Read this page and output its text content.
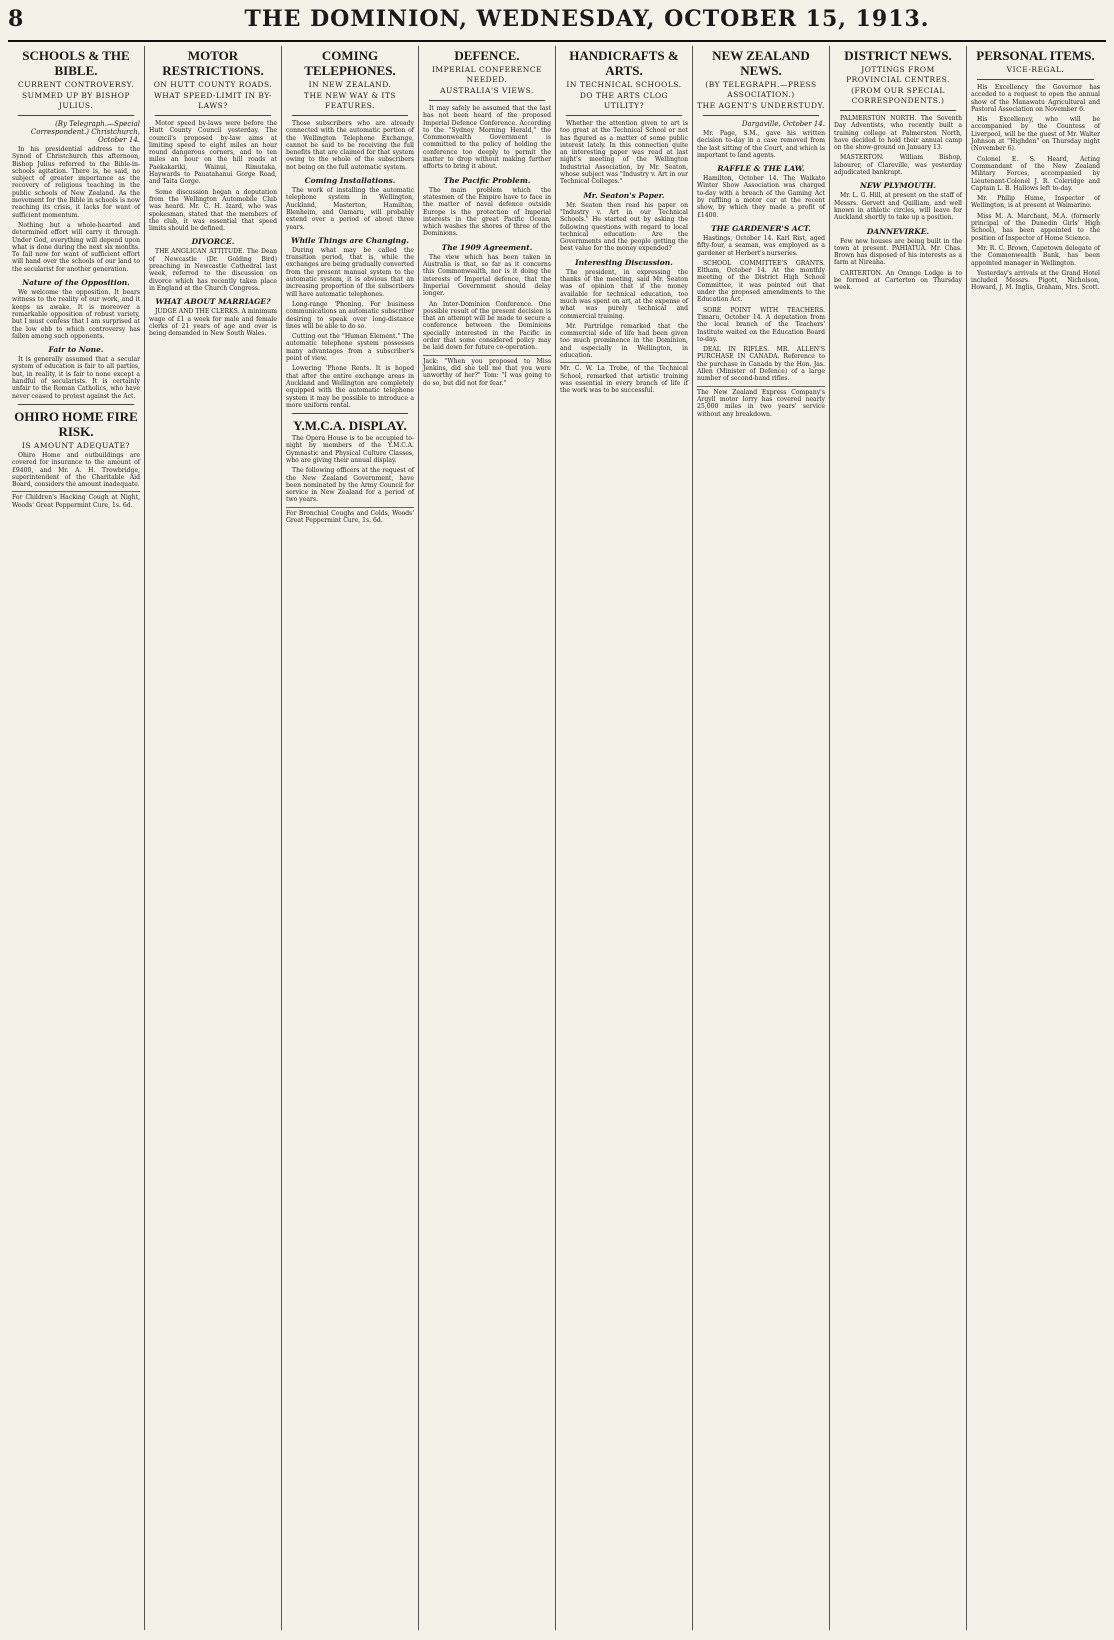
8	THE DOMINION, WEDNESDAY, OCTOBER 15, 1913.
SCHOOLS & THE BIBLE.
CURRENT CONTROVERSY.
SUMMED UP BY BISHOP JULIUS.
(By Telegraph.—Special Correspondent.) Christchurch, October 14.

In his presidential address to the Synod of Christchurch this afternoon, Bishop Julius referred to the Bible-in-schools agitation. There is, he said, no subject of greater importance as the recovery of religious teaching in the public schools of New Zealand. As the movement for the Bible in schools is now reaching its crisis, it lacks for want of sufficient momentum.

Nothing but a whole-hearted and determined effort will carry it through. Under God, everything will depend upon what is done during the next six months. To fail now for want of sufficient effort will hand over the schools of our land to the secularist for another generation.

Nature of the Opposition.

We welcome the opposition. It bears witness to the reality of our work, and it keeps us awake. It is moreover a remarkable opposition of robust variety, but I must confess that I am surprised at the low ebb to which controversy has fallen among such opponents.

Fair to None.

It is generally assumed that a secular system of education is fair to all parties, but, in reality, it is fair to none except a handful of secularists. It is certainly unfair to the Roman Catholics, who have never ceased to protest against the Act.

OHIRO HOME FIRE RISK.
IS AMOUNT ADEQUATE?

Ohiro Home and outbuildings are covered for insurance to the amount of £9400, and Mr. A. H. Trowbridge, superintendent of the Charitable Aid Board, considers the amount inadequate.

For Children's Hacking Cough at Night, Woods' Great Peppermint Cure, 1s. 6d.
MOTOR RESTRICTIONS.
ON HUTT COUNTY ROADS.
WHAT SPEED-LIMIT IN BY-LAWS?

Motor speed by-laws were before the Hutt County Council yesterday. The council's proposed by-law aims at limiting speed to eight miles an hour round dangerous corners, and to ten miles an hour on the hill roads at Paekakariki, Wainui, Rimutaka, Haywards to Pauatahanui Gorge Road, and Taita Gorge.

Some discussion began a deputation from the Wellington Automobile Club was heard. Mr. C. H. Izard, who was spokesman, stated that the members of the club, it was essential that speed limits should be defined.

DIVORCE.

THE ANGLICAN ATTITUDE. The Dean of Newcastle (Dr. Golding Bird) preaching in Newcastle Cathedral last week, referred to the discussion on divorce which has recently taken place in England at the Church Congress.

WHAT ABOUT MARRIAGE?

JUDGE AND THE CLERKS. A minimum wage of £1 a week for male and female clerks of 21 years of age and over is being demanded in New South Wales.

COMING TELEPHONES.
IN NEW ZEALAND.
THE NEW WAY & ITS FEATURES.

Those subscribers who are already connected with the automatic portion of the Wellington Telephone Exchange, cannot be said to be receiving the full benefits that are claimed for that system owing to the whole of the subscribers not being on the full automatic system.

Coming Installations.

The work of installing the automatic telephone system in Wellington, Auckland, Masterton, Hamilton, Blenheim, and Oamaru, will probably extend over a period of about three years.

While Things are Changing.

During what may be called the transition period, that is, while the exchanges are being gradually converted from the present manual system to the automatic system, it is obvious that an increasing proportion of the subscribers will have automatic telephones.

Long-range 'Phoning. For business communications an automatic subscriber desiring to speak over long-distance lines will be able to do so.

Cutting out the "Human Element." The automatic telephone system possesses many advantages from a subscriber's point of view.

Lowering 'Phone Rents. It is hoped that after the entire exchange areas in Auckland and Wellington are completely equipped with the automatic telephone system it may be possible to introduce a more uniform rental.

Y.M.C.A. DISPLAY.

The Opera House is to be occupied to-night by members of the Y.M.C.A. Gymnastic and Physical Culture Classes, who are giving their annual display.

The following officers at the request of the New Zealand Government, have been nominated by the Army Council for service in New Zealand for a period of two years.

For Bronchial Coughs and Colds, Woods' Great Peppermint Cure, 1s. 6d.
DEFENCE.
IMPERIAL CONFERENCE NEEDED.
AUSTRALIA'S VIEWS.

It may safely be assumed that the last has not been heard of the proposed Imperial Defence Conference. According to the "Sydney Morning Herald," the Commonwealth Government is committed to the policy of holding the conference too deeply to permit the matter to drop without making further efforts to bring it about.

The Pacific Problem.

The main problem which the statesmen of the Empire have to face in the matter of naval defence outside Europe is the protection of Imperial interests in the great Pacific Ocean, which washes the shores of three of the Dominions.

The 1909 Agreement.

The view which has been taken in Australia is that, so far as it concerns this Commonwealth, nor is it doing the interests of Imperial defence, that the Imperial Government should delay longer.

An Inter-Dominion Conference. One possible result of the present decision is that an attempt will be made to secure a conference between the Dominions specially interested in the Pacific in order that some considered policy may be laid down for future co-operation.

Jack: "When you proposed to Miss Jenkins, did she tell me that you were unworthy of her?" Tom: "I was going to do so, but did not for fear."
HANDICRAFTS & ARTS.
IN TECHNICAL SCHOOLS.
DO THE ARTS CLOG UTILITY?

Whether the attention given to art is too great at the Technical School or not has figured as a matter of some public interest lately. In this connection quite an interesting paper was read at last night's meeting of the Wellington Industrial Association, by Mr. Seaton, whose subject was "Industry v. Art in our Technical Colleges."

Mr. Seaton's Paper.

Mr. Seaton then read his paper on "Industry v. Art in our Technical Schools." He started out by asking the following questions with regard to local technical education: Are the Governments and the people getting the best value for the money expended?

Interesting Discussion.

The president, in expressing the thanks of the meeting, said Mr. Seaton was of opinion that if the money available for technical education, too much was spent on art, at the expense of what was purely technical and commercial training.

Mr. Partridge remarked that the commercial side of life had been given too much prominence in the Dominion, and especially in Wellington, in education.

Mr. C. W. La Trobe, of the Technical School, remarked that artistic training was essential in every branch of life if the work was to be successful.
NEW ZEALAND NEWS.
(BY TELEGRAPH.—PRESS ASSOCIATION.)
THE AGENT'S UNDERSTUDY.
Dargaville, October 14.

Mr. Page, S.M., gave his written decision to-day in a case removed from the last sitting of the Court, and which is important to land agents.

RAFFLE & THE LAW.

Hamilton, October 14. The Waikato Winter Show Association was charged to-day with a breach of the Gaming Act by raffling a motor car at the recent show, by which they made a profit of £1400.

THE GARDENER'S ACT.

Hastings, October 14. Karl Rist, aged fifty-four, a seaman, was employed as a gardener at Herbert's nurseries.

SCHOOL COMMITTEE'S GRANTS. Eltham, October 14. At the monthly meeting of the District High School Committee, it was pointed out that under the proposed amendments to the Education Act.

SORE POINT WITH TEACHERS. Timaru, October 14. A deputation from the local branch of the Teachers' Institute waited on the Education Board to-day.

DEAL IN RIFLES. MR. ALLEN'S PURCHASE IN CANADA. Reference to the purchase in Canada by the Hon. Jas. Allen (Minister of Defence) of a large number of second-hand rifles.

The New Zealand Express Company's Argyll motor lorry has covered nearly 25,000 miles in two years' service without any breakdown.
DISTRICT NEWS.
JOTTINGS FROM PROVINCIAL CENTRES.
(FROM OUR SPECIAL CORRESPONDENTS.)

PALMERSTON NORTH. The Seventh Day Adventists, who recently built a training college at Palmerston North, have decided to hold their annual camp on the show-ground on January 13.

MASTERTON. William Bishop, labourer, of Clareville, was yesterday adjudicated bankrupt.

NEW PLYMOUTH.

Mr. L. G. Hill, at present on the staff of Messrs. Gervett and Quilliam, and well known in athletic circles, will leave for Auckland shortly to take up a position.

DANNEVIRKE.

Few new houses are being built in the town at present. PAHIATUA. Mr. Chas. Brown has disposed of his interests as a farm at Nireaha.

CARTERTON. An Orange Lodge is to be formed at Carterton on Thursday week.

PERSONAL ITEMS.
VICE-REGAL.

His Excellency the Governor has acceded to a request to open the annual show of the Manawatu Agricultural and Pastoral Association on November 6.

His Excellency, who will be accompanied by the Countess of Liverpool, will be the guest of Mr. Walter Johnson at "Highden" on Thursday night (November 6).

Colonel E. S. Heard, Acting Commandant of the New Zealand Military Forces, accompanied by Lieutenant-Colonel J. R. Coleridge and Captain L. B. Hallows left to-day.

Mr. Philip Hume, Inspector of Wellington, is at present at Waimarino.

Miss M. A. Marchant, M.A. (formerly principal of the Dunedin Girls' High School), has been appointed to the position of Inspector of Home Science.

Mr. R. C. Brown, Capetown delegate of the Commonwealth Bank, has been appointed manager in Wellington.

Yesterday's arrivals at the Grand Hotel included Messrs. Pigott, Nicholson, Howard, J. M. Inglis, Graham, Mrs. Scott.
